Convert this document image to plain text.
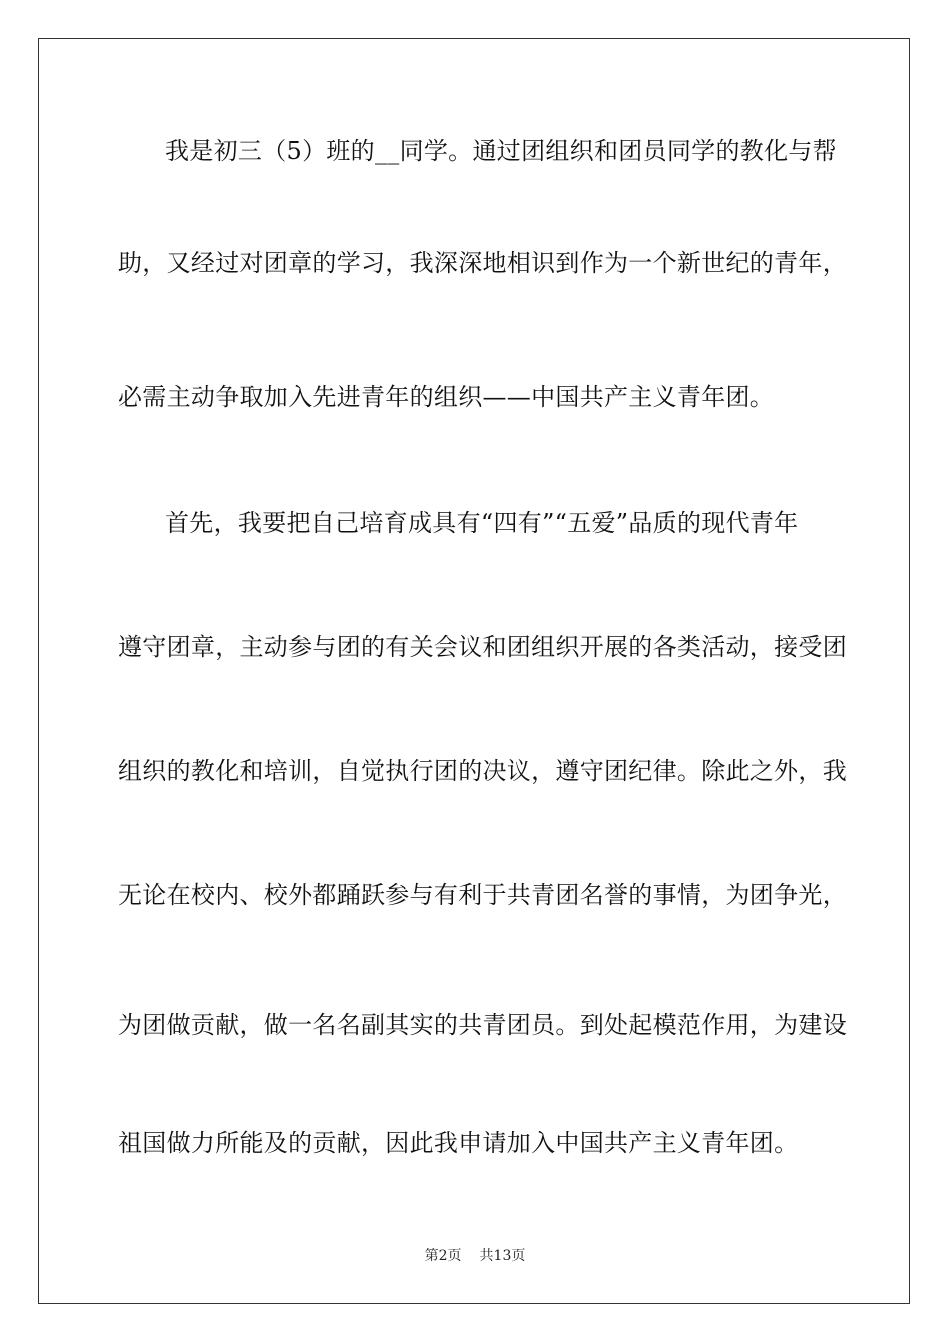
我是初三（5）班的__同学。通过团组织和团员同学的教化与帮
助，又经过对团章的学习，我深深地相识到作为一个新世纪的青年，
必需主动争取加入先进青年的组织——中国共产主义青年团。
首先，我要把自己培育成具有“四有”“五爱”品质的现代青年
遵守团章，主动参与团的有关会议和团组织开展的各类活动，接受团
组织的教化和培训，自觉执行团的决议，遵守团纪律。除此之外，我
无论在校内、校外都踊跃参与有利于共青团名誉的事情，为团争光，
为团做贡献，做一名名副其实的共青团员。到处起模范作用，为建设
祖国做力所能及的贡献，因此我申请加入中国共产主义青年团。
第2页 共13页
